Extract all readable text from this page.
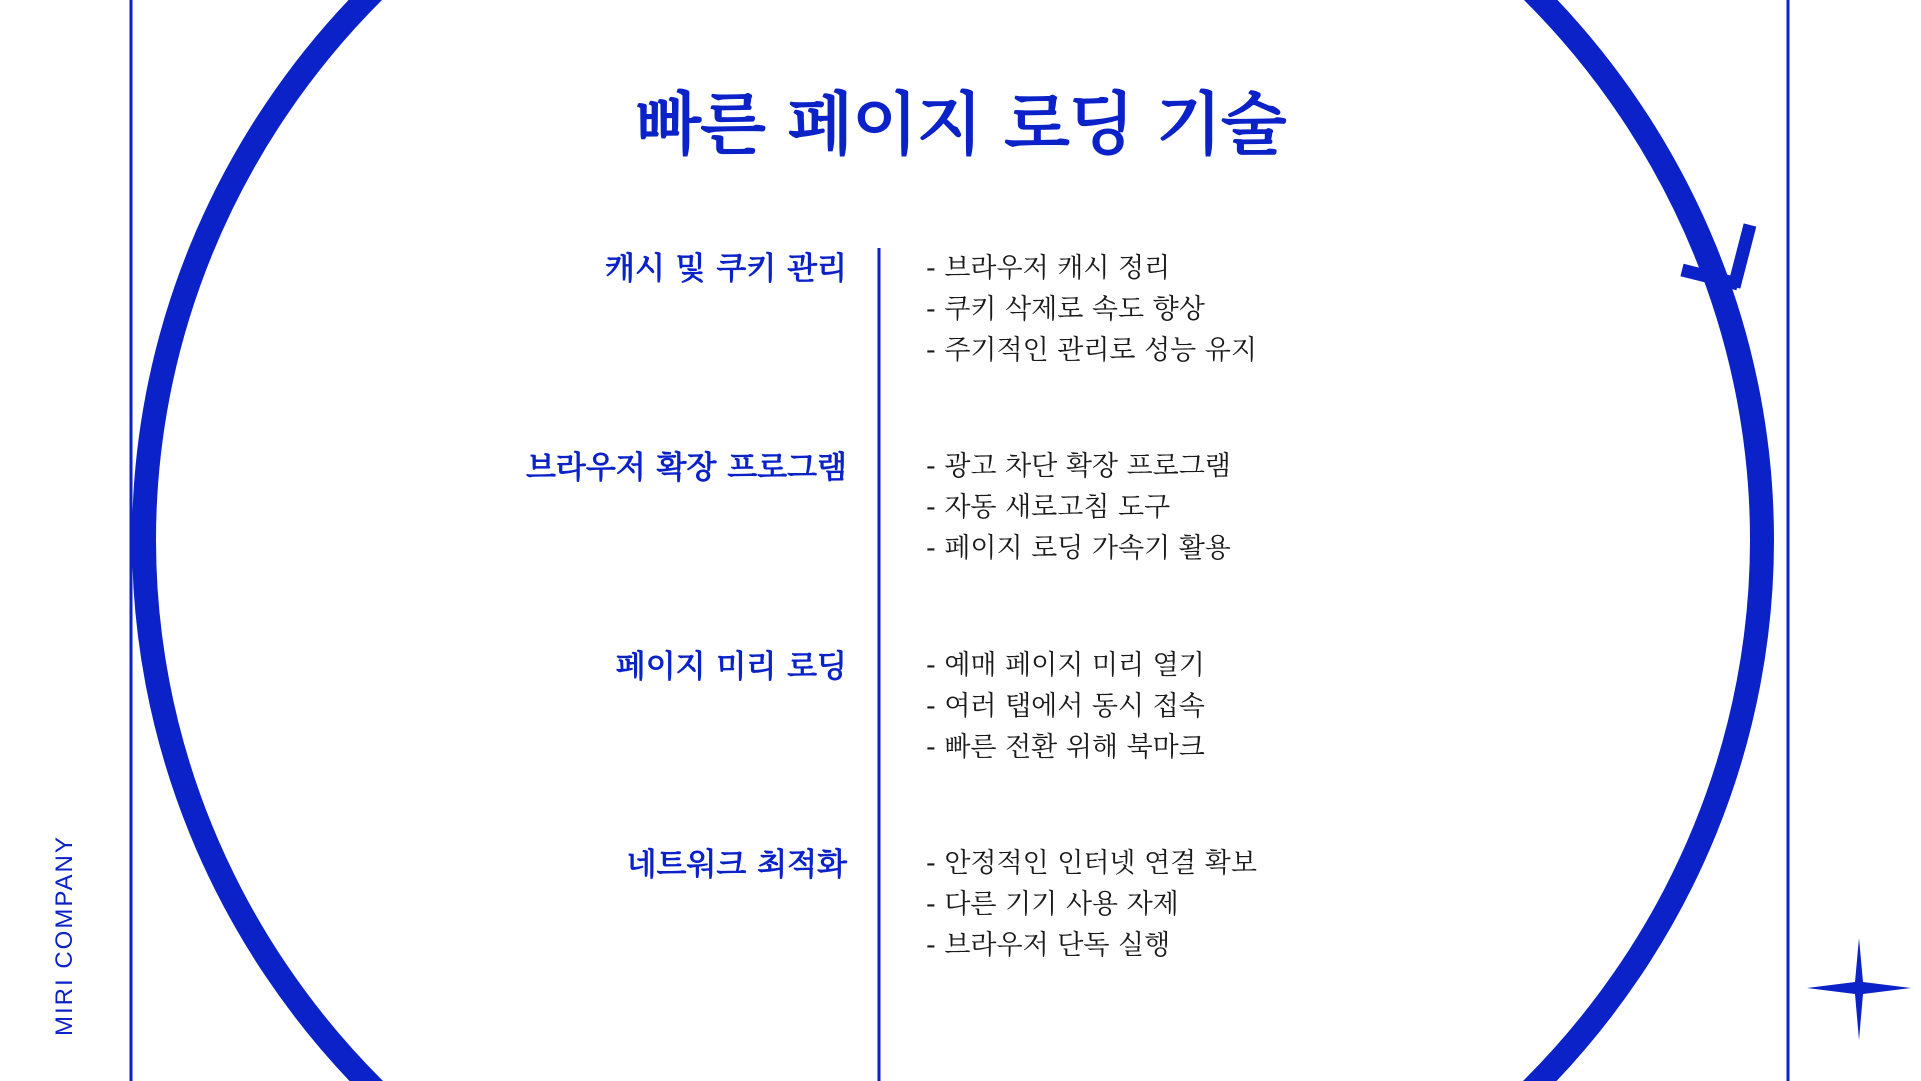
MIRI COMPANY
빠른 페이지 로딩 기술
캐시 및 쿠키 관리	- 브라우저 캐시 정리
- 쿠키 삭제로 속도 향상
- 주기적인 관리로 성능 유지
브라우저 확장 프로그램	- 광고 차단 확장 프로그램
- 자동 새로고침 도구
- 페이지 로딩 가속기 활용
페이지 미리 로딩	- 예매 페이지 미리 열기
- 여러 탭에서 동시 접속
- 빠른 전환 위해 북마크
네트워크 최적화	- 안정적인 인터넷 연결 확보
- 다른 기기 사용 자제
- 브라우저 단독 실행
